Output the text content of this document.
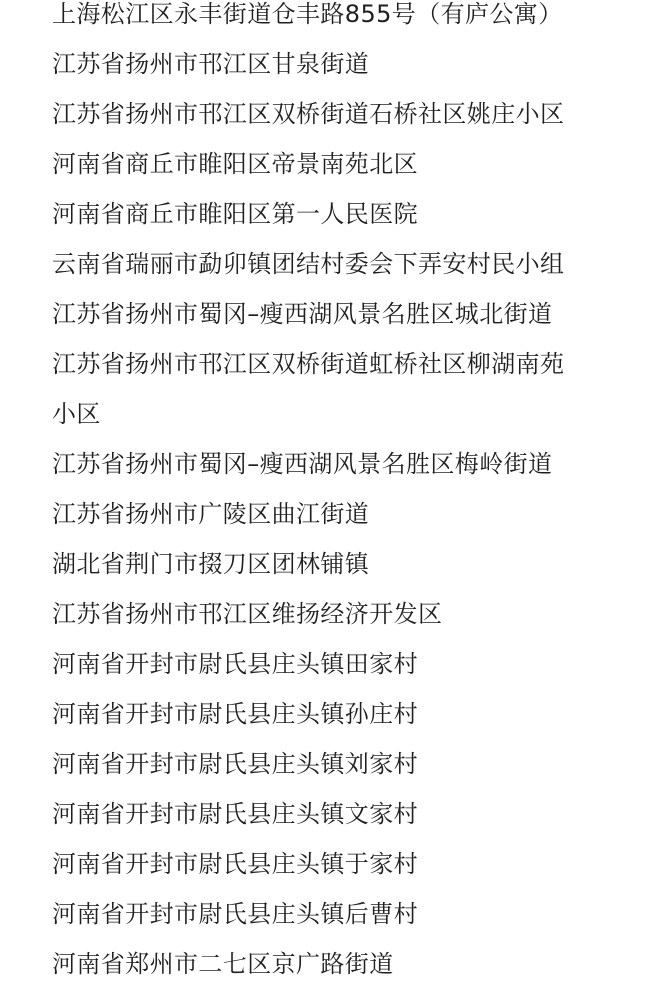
上海松江区永丰街道仓丰路855号（有庐公寓）
江苏省扬州市邗江区甘泉街道
江苏省扬州市邗江区双桥街道石桥社区姚庄小区
河南省商丘市睢阳区帝景南苑北区
河南省商丘市睢阳区第一人民医院
云南省瑞丽市勐卯镇团结村委会下弄安村民小组
江苏省扬州市蜀冈–瘦西湖风景名胜区城北街道
江苏省扬州市邗江区双桥街道虹桥社区柳湖南苑
小区
江苏省扬州市蜀冈–瘦西湖风景名胜区梅岭街道
江苏省扬州市广陵区曲江街道
湖北省荆门市掇刀区团林铺镇
江苏省扬州市邗江区维扬经济开发区
河南省开封市尉氏县庄头镇田家村
河南省开封市尉氏县庄头镇孙庄村
河南省开封市尉氏县庄头镇刘家村
河南省开封市尉氏县庄头镇文家村
河南省开封市尉氏县庄头镇于家村
河南省开封市尉氏县庄头镇后曹村
河南省郑州市二七区京广路街道
